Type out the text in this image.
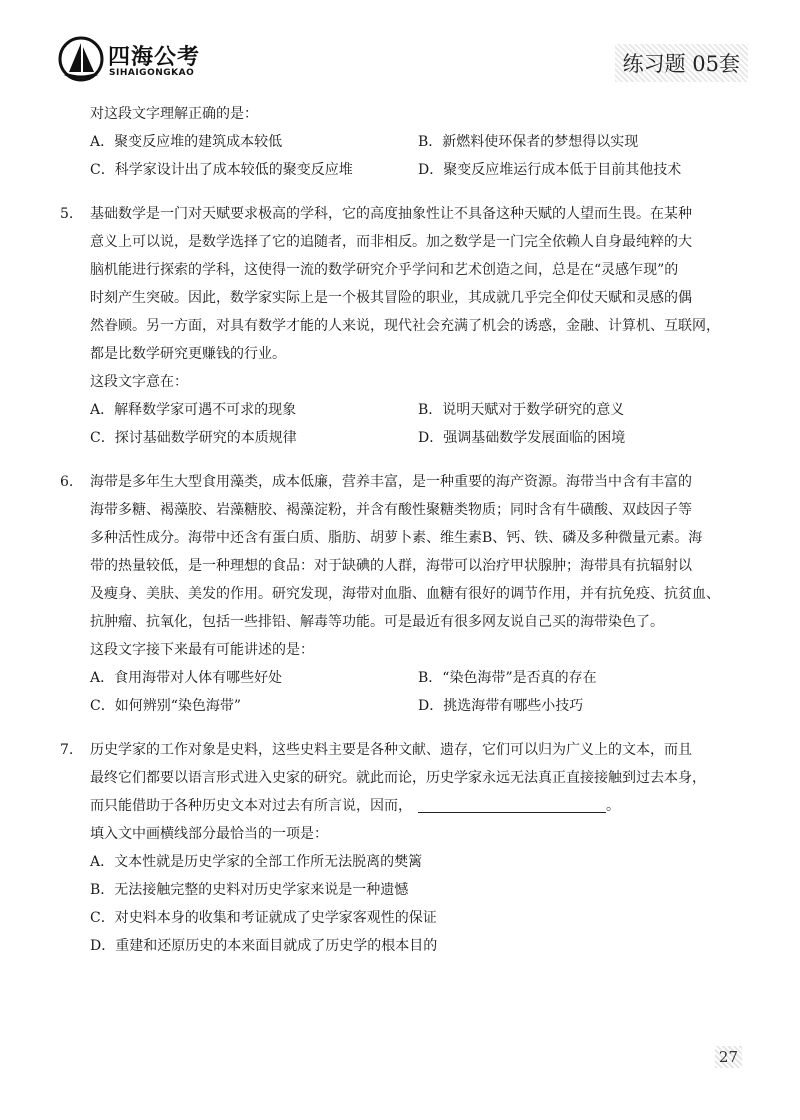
四海公考
SIHAIGONGKAO	练习题 05套

对这段文字理解正确的是：

A．聚变反应堆的建筑成本较低	B．新燃料使环保者的梦想得以实现
C．科学家设计出了成本较低的聚变反应堆	D．聚变反应堆运行成本低于目前其他技术

5. 基础数学是一门对天赋要求极高的学科，它的高度抽象性让不具备这种天赋的人望而生畏。在某种

意义上可以说，是数学选择了它的追随者，而非相反。加之数学是一门完全依赖人自身最纯粹的大

脑机能进行探索的学科，这使得一流的数学研究介乎学问和艺术创造之间，总是在“灵感乍现”的

时刻产生突破。因此，数学家实际上是一个极其冒险的职业，其成就几乎完全仰仗天赋和灵感的偶

然眷顾。另一方面，对具有数学才能的人来说，现代社会充满了机会的诱惑，金融、计算机、互联网，

都是比数学研究更赚钱的行业。

这段文字意在：

A．解释数学家可遇不可求的现象	B．说明天赋对于数学研究的意义
C．探讨基础数学研究的本质规律	D．强调基础数学发展面临的困境

6. 海带是多年生大型食用藻类，成本低廉，营养丰富，是一种重要的海产资源。海带当中含有丰富的

海带多糖、褐藻胶、岩藻糖胶、褐藻淀粉，并含有酸性聚糖类物质；同时含有牛磺酸、双歧因子等

多种活性成分。海带中还含有蛋白质、脂肪、胡萝卜素、维生素B、钙、铁、磷及多种微量元素。海

带的热量较低，是一种理想的食品：对于缺碘的人群，海带可以治疗甲状腺肿；海带具有抗辐射以

及瘦身、美肤、美发的作用。研究发现，海带对血脂、血糖有很好的调节作用，并有抗免疫、抗贫血、

抗肿瘤、抗氧化，包括一些排铅、解毒等功能。可是最近有很多网友说自己买的海带染色了。

这段文字接下来最有可能讲述的是：

A．食用海带对人体有哪些好处	B．“染色海带”是否真的存在
C．如何辨别“染色海带”	D．挑选海带有哪些小技巧

7. 历史学家的工作对象是史料，这些史料主要是各种文献、遗存，它们可以归为广义上的文本，而且

最终它们都要以语言形式进入史家的研究。就此而论，历史学家永远无法真正直接接触到过去本身，

而只能借助于各种历史文本对过去有所言说，因而，	。

填入文中画横线部分最恰当的一项是：

A．文本性就是历史学家的全部工作所无法脱离的樊篱
B．无法接触完整的史料对历史学家来说是一种遗憾
C．对史料本身的收集和考证就成了史学家客观性的保证
D．重建和还原历史的本来面目就成了历史学的根本目的
27
